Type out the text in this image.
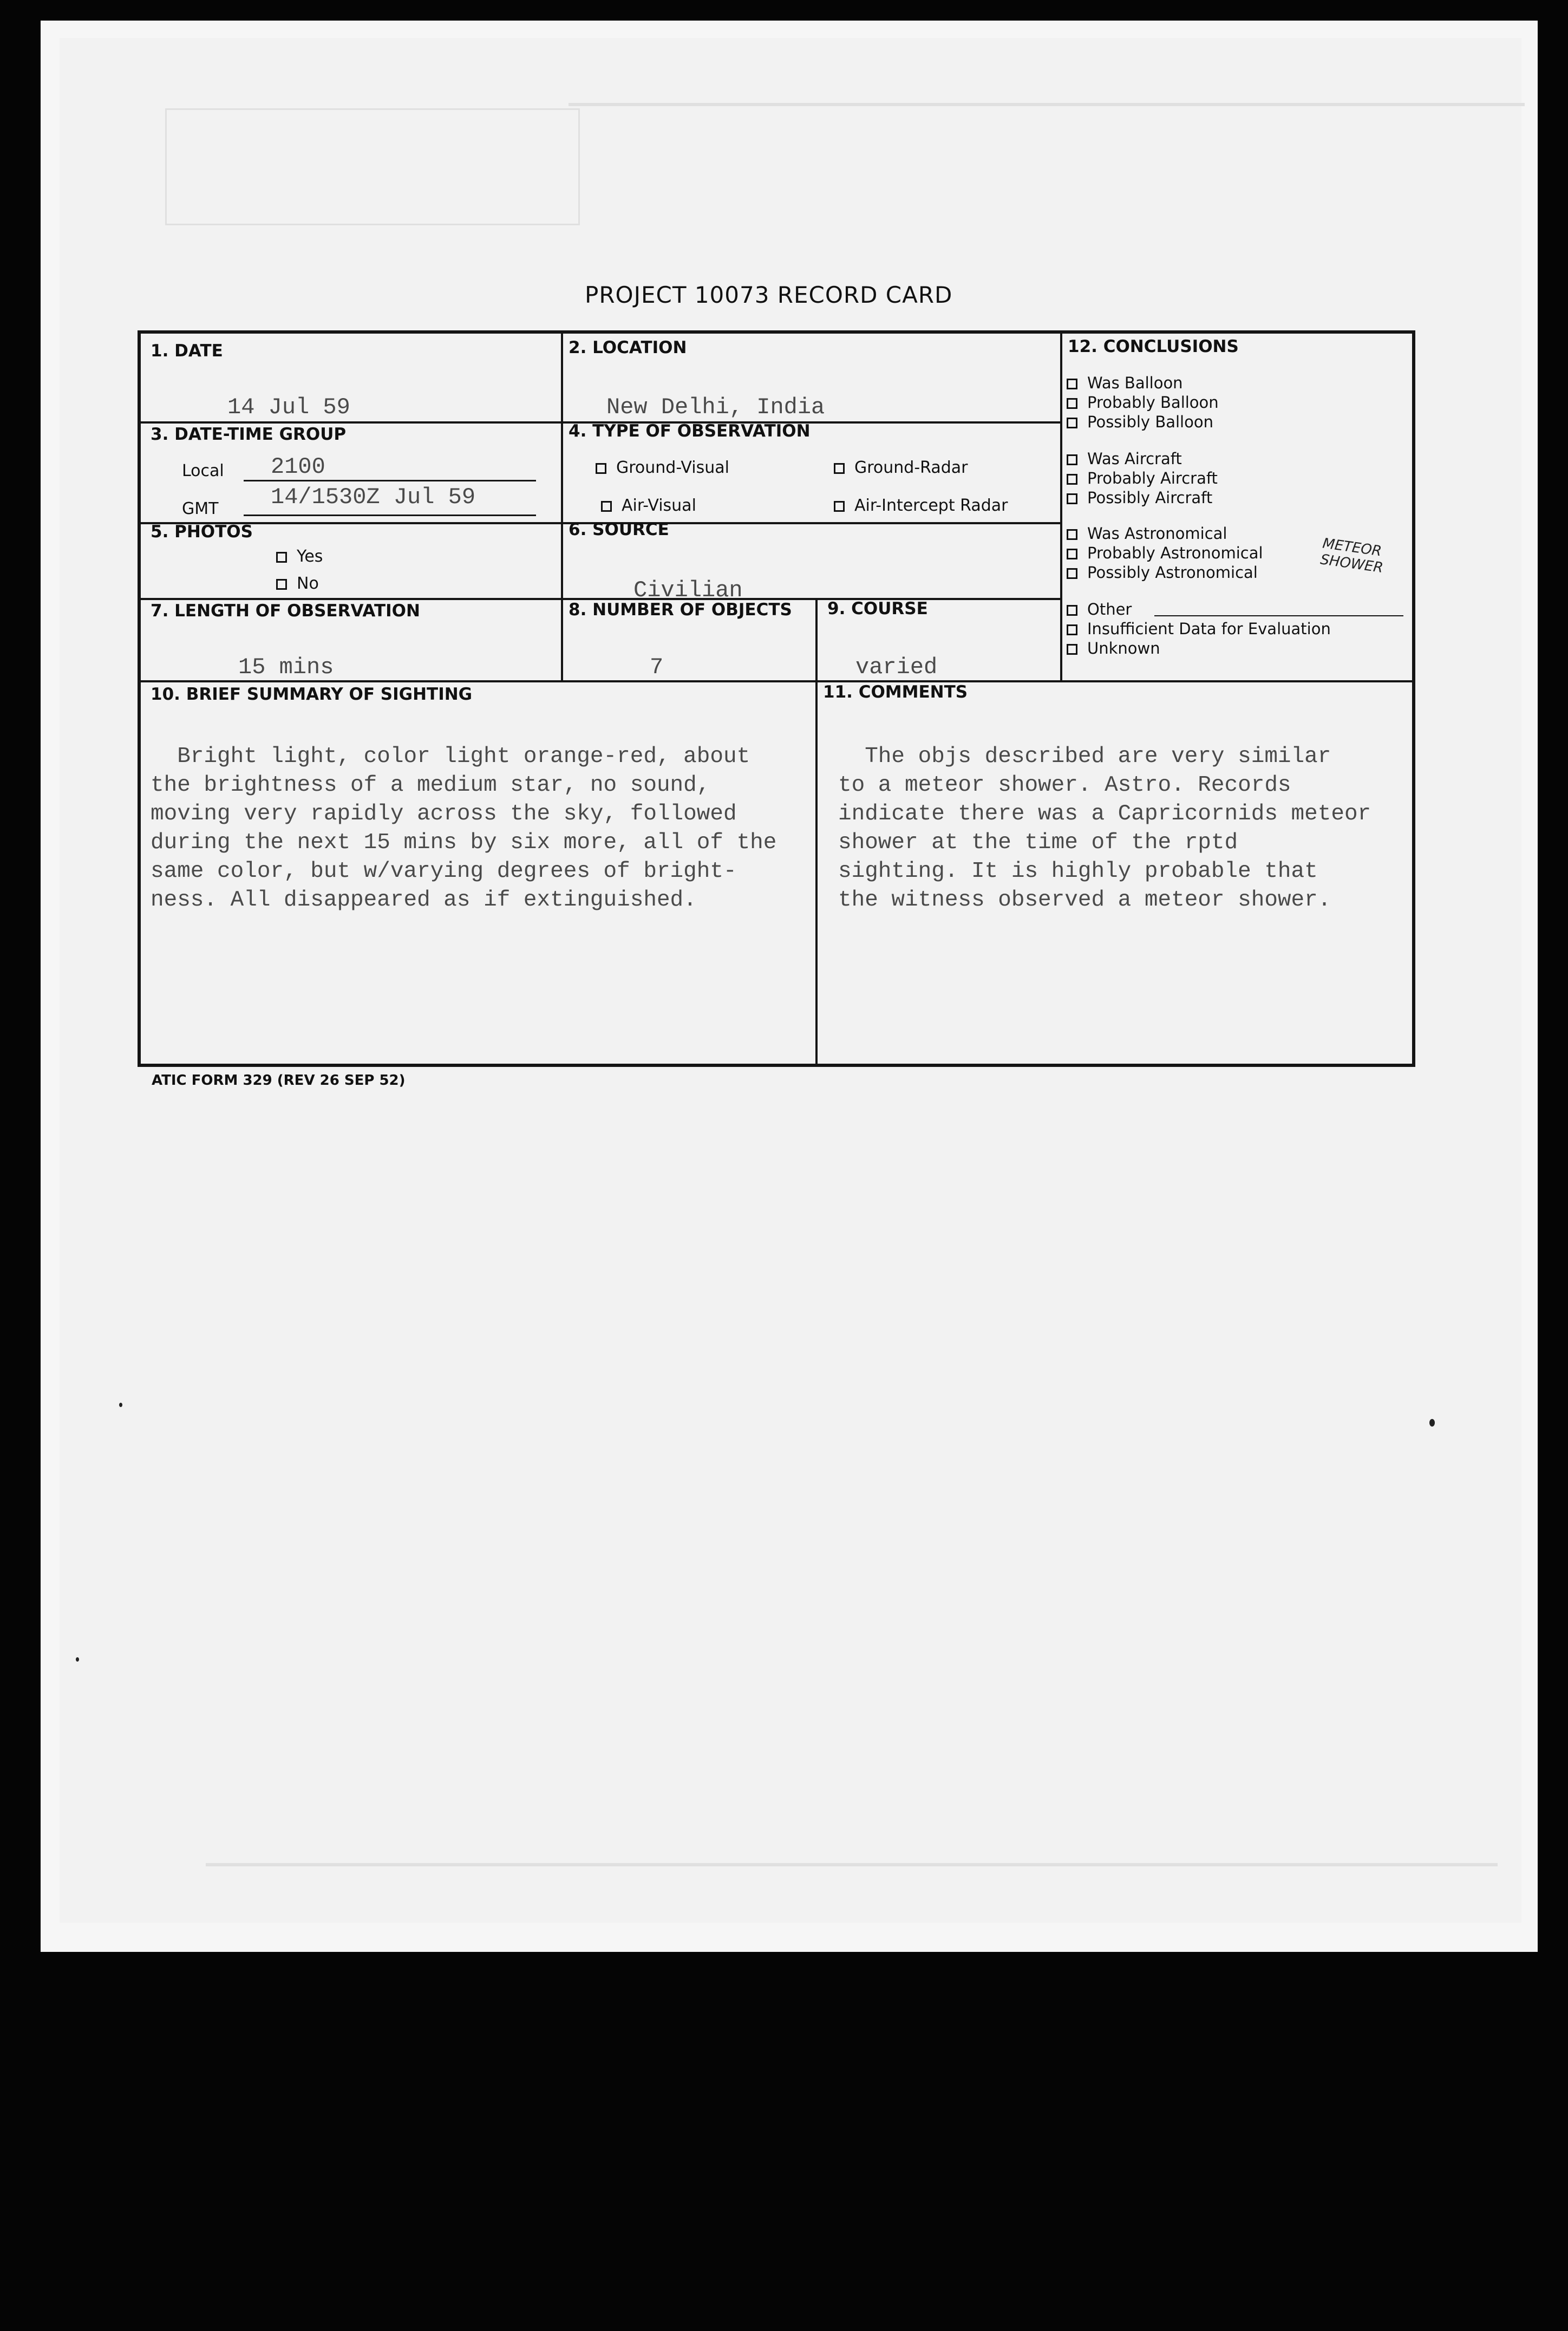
PROJECT 10073 RECORD CARD
1. DATE
14 Jul 59
2. LOCATION
New Delhi, India
3. DATE-TIME GROUP
Local 2100
GMT 14/1530Z Jul 59
4. TYPE OF OBSERVATION
Ground-Visual	Ground-Radar
Air-Visual	Air-Intercept Radar
5. PHOTOS
Yes
No
6. SOURCE
Civilian
7. LENGTH OF OBSERVATION
15 mins
8. NUMBER OF OBJECTS
7
9. COURSE
varied
10. BRIEF SUMMARY OF SIGHTING

Bright light, color light orange-red, about
the brightness of a medium star, no sound,
moving very rapidly across the sky, followed
during the next 15 mins by six more, all of the
same color, but w/varying degrees of bright-
ness. All disappeared as if extinguished.

11. COMMENTS

The objs described are very similar
to a meteor shower. Astro. Records
indicate there was a Capricornids meteor
shower at the time of the rptd
sighting. It is highly probable that
the witness observed a meteor shower.

12. CONCLUSIONS
Was Balloon
Probably Balloon
Possibly Balloon
Was Aircraft
Probably Aircraft
Possibly Aircraft
Was Astronomical
Probably Astronomical
Possibly Astronomical
Other
Insufficient Data for Evaluation
Unknown
METEOR SHOWER
ATIC FORM 329 (REV 26 SEP 52)
